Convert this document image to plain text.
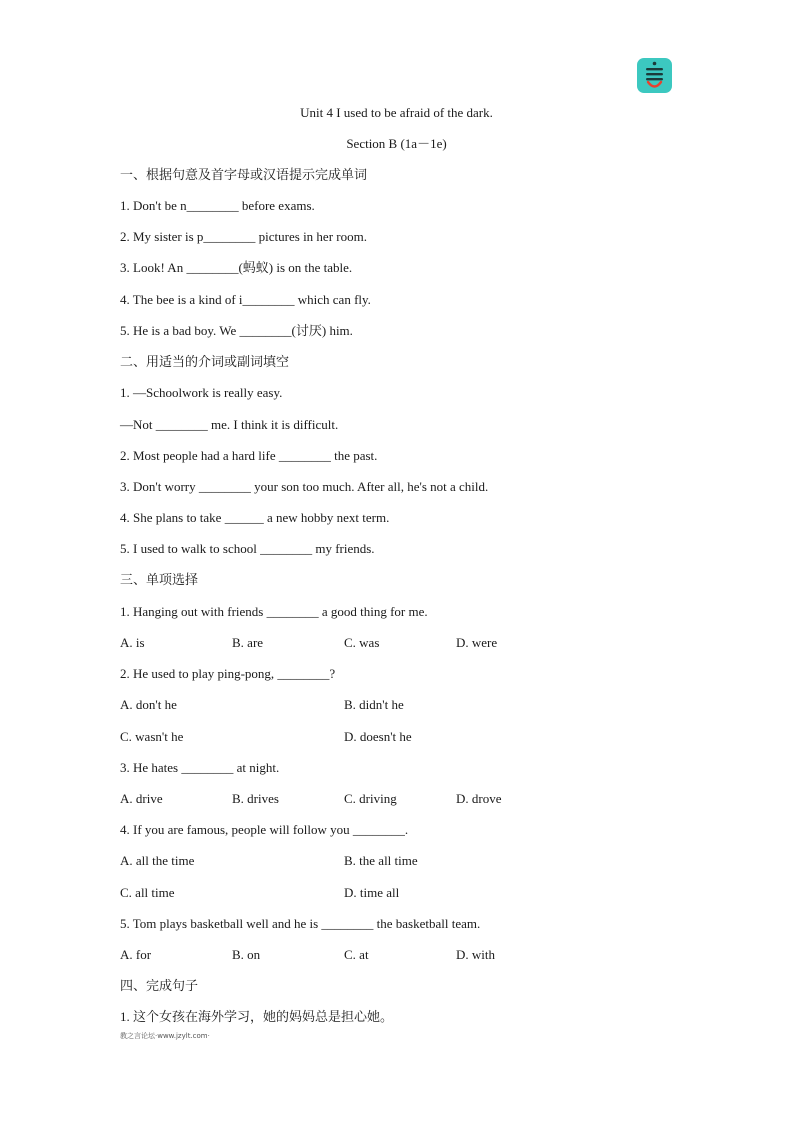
Unit 4 I used to be afraid of the dark.
Section B (1a－1e)
一、根据句意及首字母或汉语提示完成单词
1. Don't be n________ before exams.
2. My sister is p________ pictures in her room.
3. Look! An ________(蚂蚁) is on the table.
4. The bee is a kind of i________ which can fly.
5. He is a bad boy. We ________(讨厌) him.
二、用适当的介词或副词填空
1. —Schoolwork is really easy.
—Not ________ me. I think it is difficult.
2. Most people had a hard life ________ the past.
3. Don't worry ________ your son too much. After all, he's not a child.
4. She plans to take ______ a new hobby next term.
5. I used to walk to school ________ my friends.
三、单项选择
1. Hanging out with friends ________ a good thing for me.
A. is	B. are	C. was	D. were
2. He used to play ping-pong, ________?
A. don't he	B. didn't he
C. wasn't he	D. doesn't he
3. He hates ________ at night.
A. drive	B. drives	C. driving	D. drove
4. If you are famous, people will follow you ________.
A. all the time	B. the all time
C. all time	D. time all
5. Tom plays basketball well and he is ________ the basketball team.
A. for	B. on	C. at	D. with
四、完成句子
1. 这个女孩在海外学习，她的妈妈总是担心她。
教之言论坛·www.jzylt.com·
